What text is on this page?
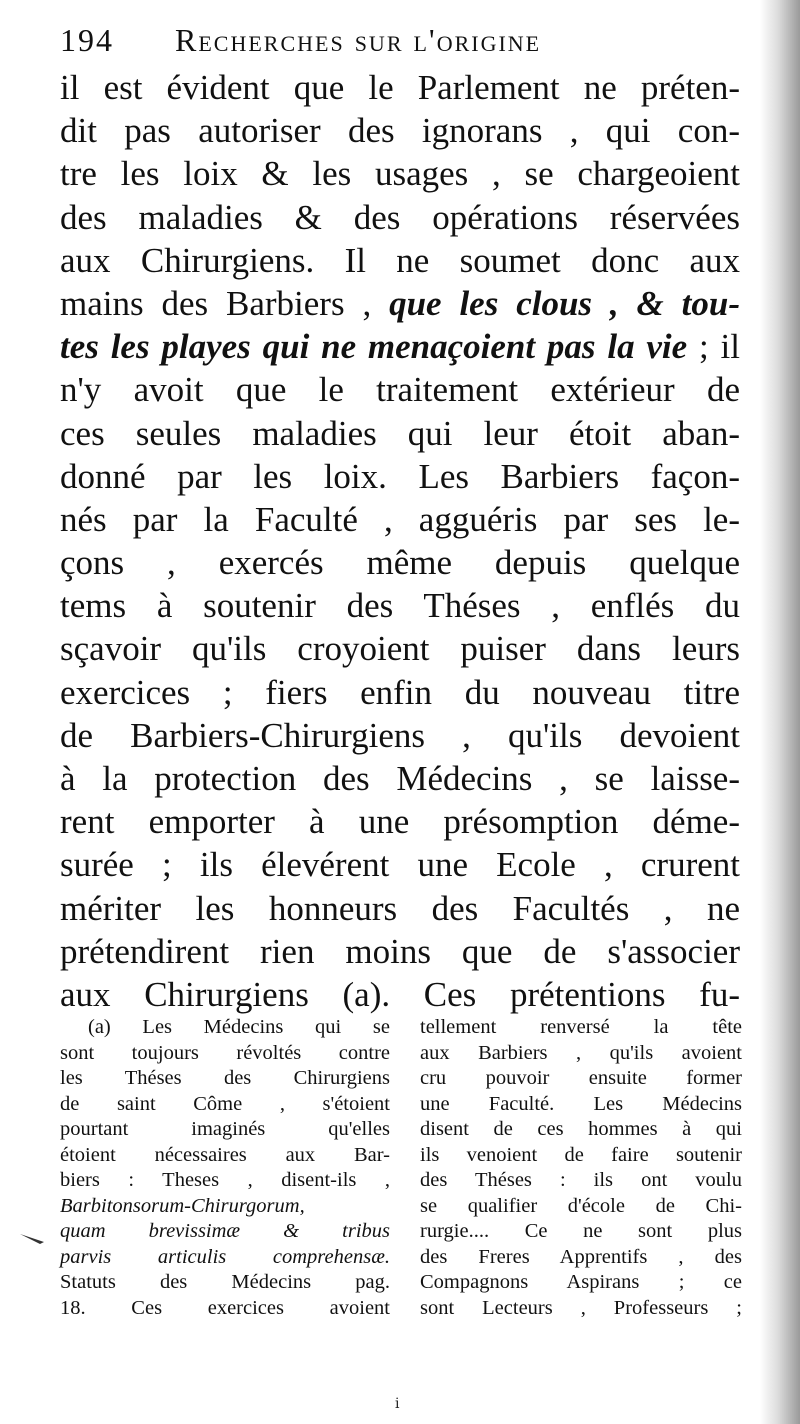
194 Recherches sur l'origine
il est évident que le Parlement ne préten-
dit pas autoriser des ignorans , qui con-
tre les loix & les usages , se chargeoient
des maladies & des opérations réservées
aux Chirurgiens. Il ne soumet donc aux
mains des Barbiers , que les clous , & tou-
tes les playes qui ne menaçoient pas la vie ; il
n'y avoit que le traitement extérieur de
ces seules maladies qui leur étoit aban-
donné par les loix. Les Barbiers façon-
nés par la Faculté , agguéris par ses le-
çons , exercés même depuis quelque
tems à soutenir des Théses , enflés du
sçavoir qu'ils croyoient puiser dans leurs
exercices ; fiers enfin du nouveau titre
de Barbiers-Chirurgiens , qu'ils devoient
à la protection des Médecins , se laisse-
rent emporter à une présomption déme-
surée ; ils élevérent une Ecole , crurent
mériter les honneurs des Facultés , ne
prétendirent rien moins que de s'associer
aux Chirurgiens (a). Ces prétentions fu-
(a) Les Médecins qui se
sont toujours révoltés contre
les Théses des Chirurgiens
de saint Côme , s'étoient
pourtant imaginés qu'elles
étoient nécessaires aux Bar-
biers : Theses , disent-ils ,
Barbitonsorum-Chirurgorum,
quam brevissimæ & tribus
parvis articulis comprehensæ.
Statuts des Médecins pag.
18. Ces exercices avoient
tellement renversé la tête
aux Barbiers , qu'ils avoient
cru pouvoir ensuite former
une Faculté. Les Médecins
disent de ces hommes à qui
ils venoient de faire soutenir
des Théses : ils ont voulu
se qualifier d'école de Chi-
rurgie.... Ce ne sont plus
des Freres Apprentifs , des
Compagnons Aspirans ; ce
sont Lecteurs , Professeurs ;
i
